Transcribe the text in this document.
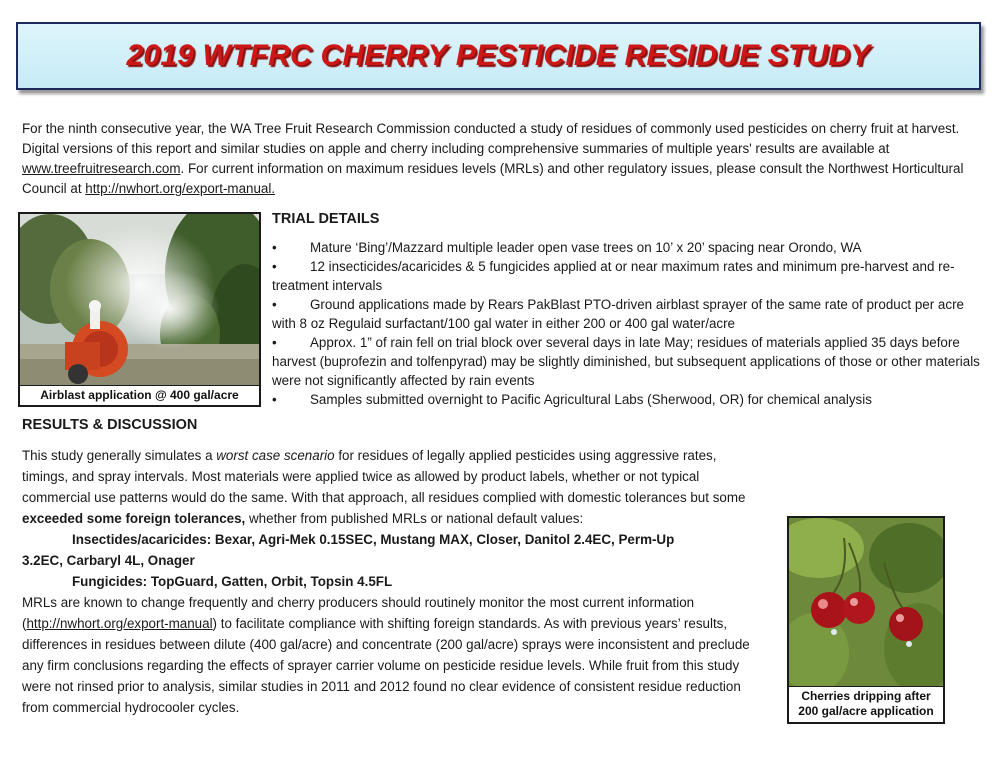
2019 WTFRC CHERRY PESTICIDE RESIDUE STUDY

For the ninth consecutive year, the WA Tree Fruit Research Commission conducted a study of residues of commonly used pesticides on cherry fruit at harvest. Digital versions of this report and similar studies on apple and cherry including comprehensive summaries of multiple years' results are available at www.treefruitresearch.com. For current information on maximum residues levels (MRLs) and other regulatory issues, please consult the Northwest Horticultural Council at http://nwhort.org/export-manual.

Airblast application @ 400 gal/acre
TRIAL DETAILS
• Mature ‘Bing’/Mazzard multiple leader open vase trees on 10’ x 20’ spacing near Orondo, WA
• 12 insecticides/acaricides & 5 fungicides applied at or near maximum rates and minimum pre-harvest and re-treatment intervals
• Ground applications made by Rears PakBlast PTO-driven airblast sprayer of the same rate of product per acre with 8 oz Regulaid surfactant/100 gal water in either 200 or 400 gal water/acre
• Approx. 1” of rain fell on trial block over several days in late May; residues of materials applied 35 days before harvest (buprofezin and tolfenpyrad) may be slightly diminished, but subsequent applications of those or other materials were not significantly affected by rain events
• Samples submitted overnight to Pacific Agricultural Labs (Sherwood, OR) for chemical analysis
RESULTS & DISCUSSION

This study generally simulates a worst case scenario for residues of legally applied pesticides using aggressive rates, timings, and spray intervals. Most materials were applied twice as allowed by product labels, whether or not typical commercial use patterns would do the same. With that approach, all residues complied with domestic tolerances but some exceeded some foreign tolerances, whether from published MRLs or national default values:

Insectides/acaricides: Bexar, Agri-Mek 0.15SEC, Mustang MAX, Closer, Danitol 2.4EC, Perm-Up

3.2EC, Carbaryl 4L, Onager

Fungicides: TopGuard, Gatten, Orbit, Topsin 4.5FL

MRLs are known to change frequently and cherry producers should routinely monitor the most current information (http://nwhort.org/export-manual) to facilitate compliance with shifting foreign standards. As with previous years’ results, differences in residues between dilute (400 gal/acre) and concentrate (200 gal/acre) sprays were inconsistent and preclude any firm conclusions regarding the effects of sprayer carrier volume on pesticide residue levels. While fruit from this study were not rinsed prior to analysis, similar studies in 2011 and 2012 found no clear evidence of consistent residue reduction from commercial hydrocooler cycles.

Cherries dripping after
200 gal/acre application
